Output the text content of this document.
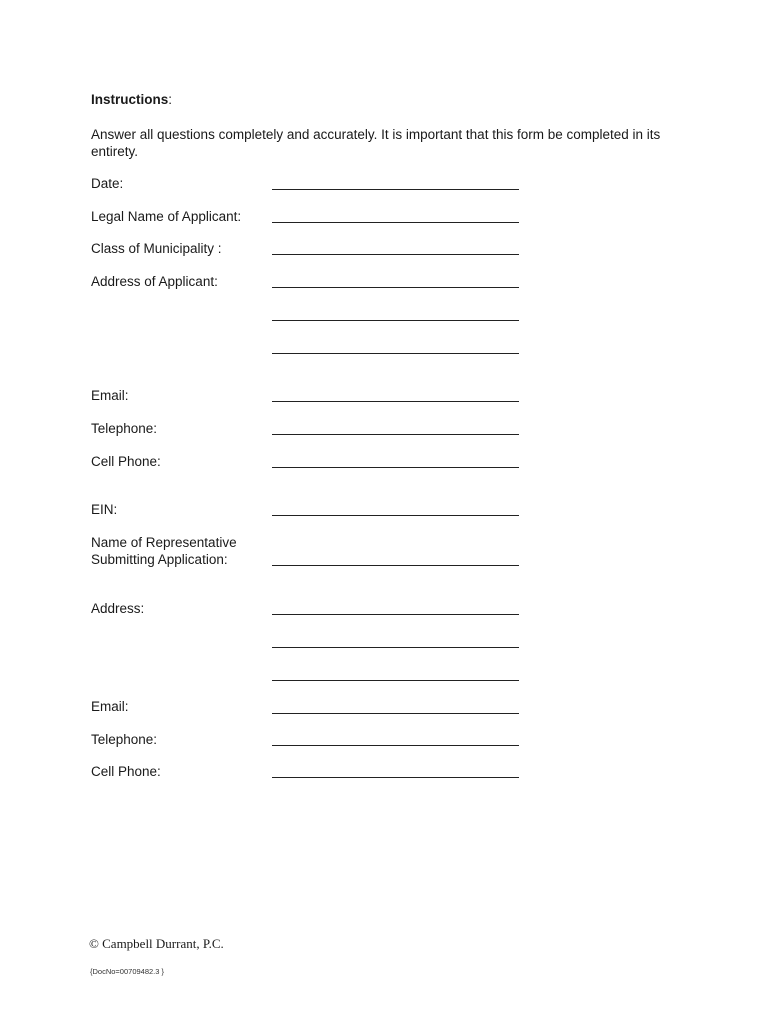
Instructions:
Answer all questions completely and accurately. It is important that this form be completed in its entirety.
Date:
Legal Name of Applicant:
Class of Municipality :
Address of Applicant:
Email:
Telephone:
Cell Phone:
EIN:
Name of Representative
Submitting Application:
Address:
Email:
Telephone:
Cell Phone:
© Campbell Durrant, P.C.
{DocNo=00709482.3 }
